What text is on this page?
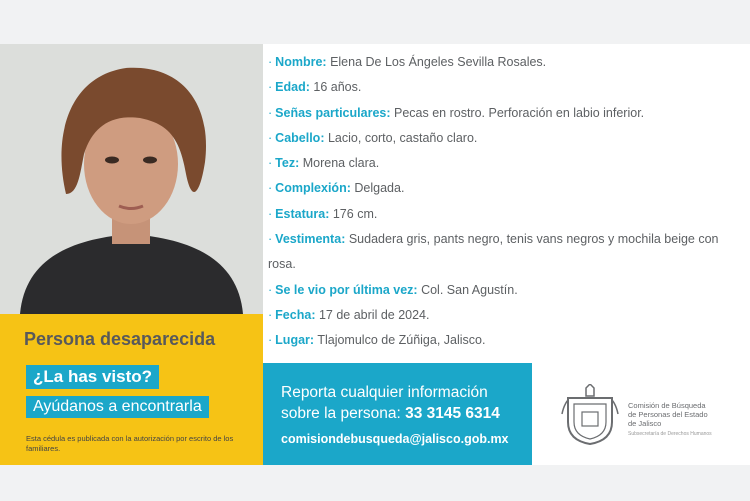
Persona desaparecida
¿La has visto?
Ayúdanos a encontrarla
Esta cédula es publicada con la autorización por escrito de los familiares.
· Nombre: Elena De Los Ángeles Sevilla Rosales.
· Edad: 16 años.
· Señas particulares: Pecas en rostro. Perforación en labio inferior.
· Cabello: Lacio, corto, castaño claro.
· Tez: Morena clara.
· Complexión: Delgada.
· Estatura: 176 cm.
· Vestimenta: Sudadera gris, pants negro, tenis vans negros y mochila beige con rosa.
· Se le vio por última vez: Col. San Agustín.
· Fecha: 17 de abril de 2024.
· Lugar: Tlajomulco de Zúñiga, Jalisco.
Reporta cualquier información
sobre la persona: 33 3145 6314
comisiondebusqueda@jalisco.gob.mx
Comisión de Búsqueda
de Personas del Estado
de Jalisco
Subsecretaría de Derechos Humanos
